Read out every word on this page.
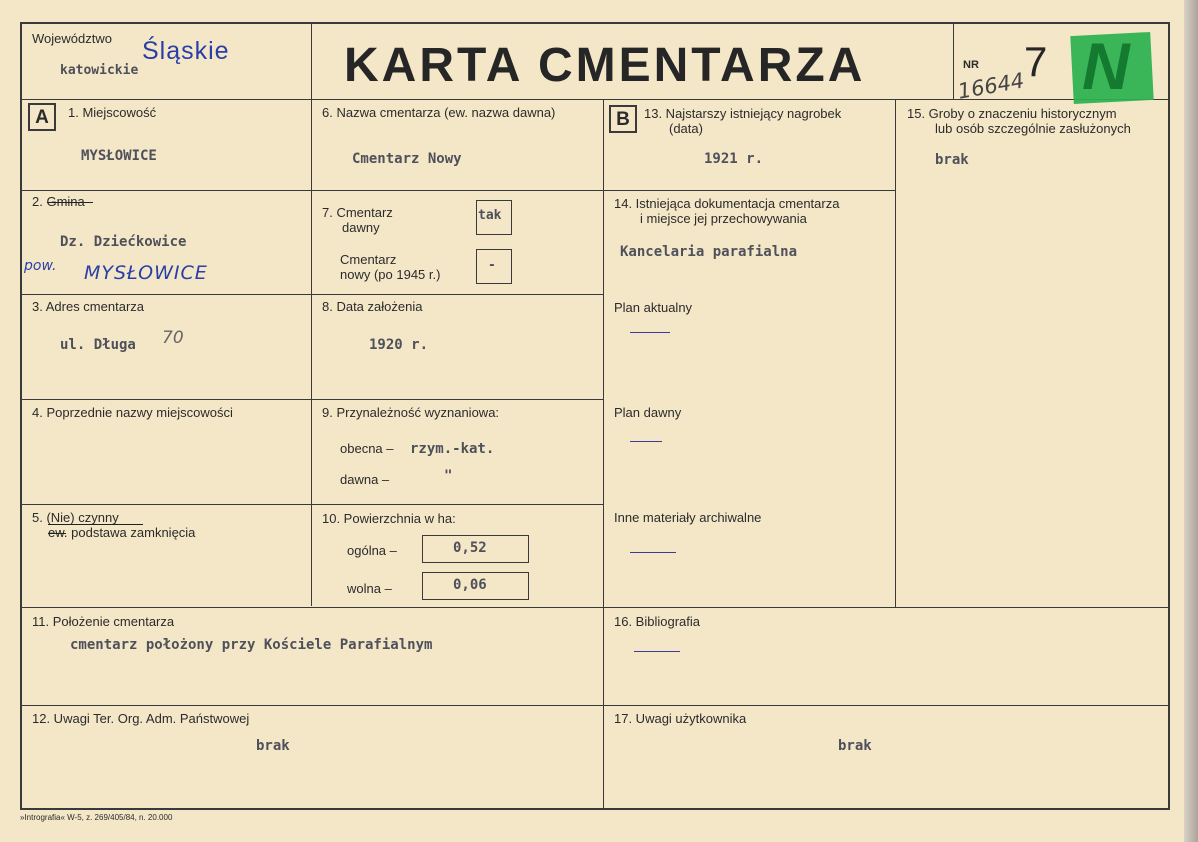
Województwo Śląskie
katowickie	KARTA CMENTARZA	NR 7
16644 N
A	1. Miejscowość
MYSŁOWICE
2. Gmina
Dz. Dziećkowice
pow. MYSŁOWICE
3. Adres cmentarza
ul. Długa 70
4. Poprzednie nazwy miejscowości
5. (Nie) czynny
ew. podstawa zamknięcia
6. Nazwa cmentarza (ew. nazwa dawna)
Cmentarz Nowy
7. Cmentarz
dawny
tak
Cmentarz
nowy (po 1945 r.)
-
8. Data założenia
1920 r.
9. Przynależność wyznaniowa:
obecna – rzym.-kat.
dawna –	"
10. Powierzchnia w ha:
ogólna –	0,52
wolna –	0,06
B	13. Najstarszy istniejący nagrobek
(data)
1921 r.
14. Istniejąca dokumentacja cmentarza
i miejsce jej przechowywania
Kancelaria parafialna
Plan aktualny
Plan dawny
Inne materiały archiwalne
15. Groby o znaczeniu historycznym
lub osób szczególnie zasłużonych
brak
11. Położenie cmentarza
cmentarz położony przy Kościele Parafialnym
16. Bibliografia
12. Uwagi Ter. Org. Adm. Państwowej
brak
17. Uwagi użytkownika
brak
»Intrografia« W-5, z. 269/405/84, n. 20.000
